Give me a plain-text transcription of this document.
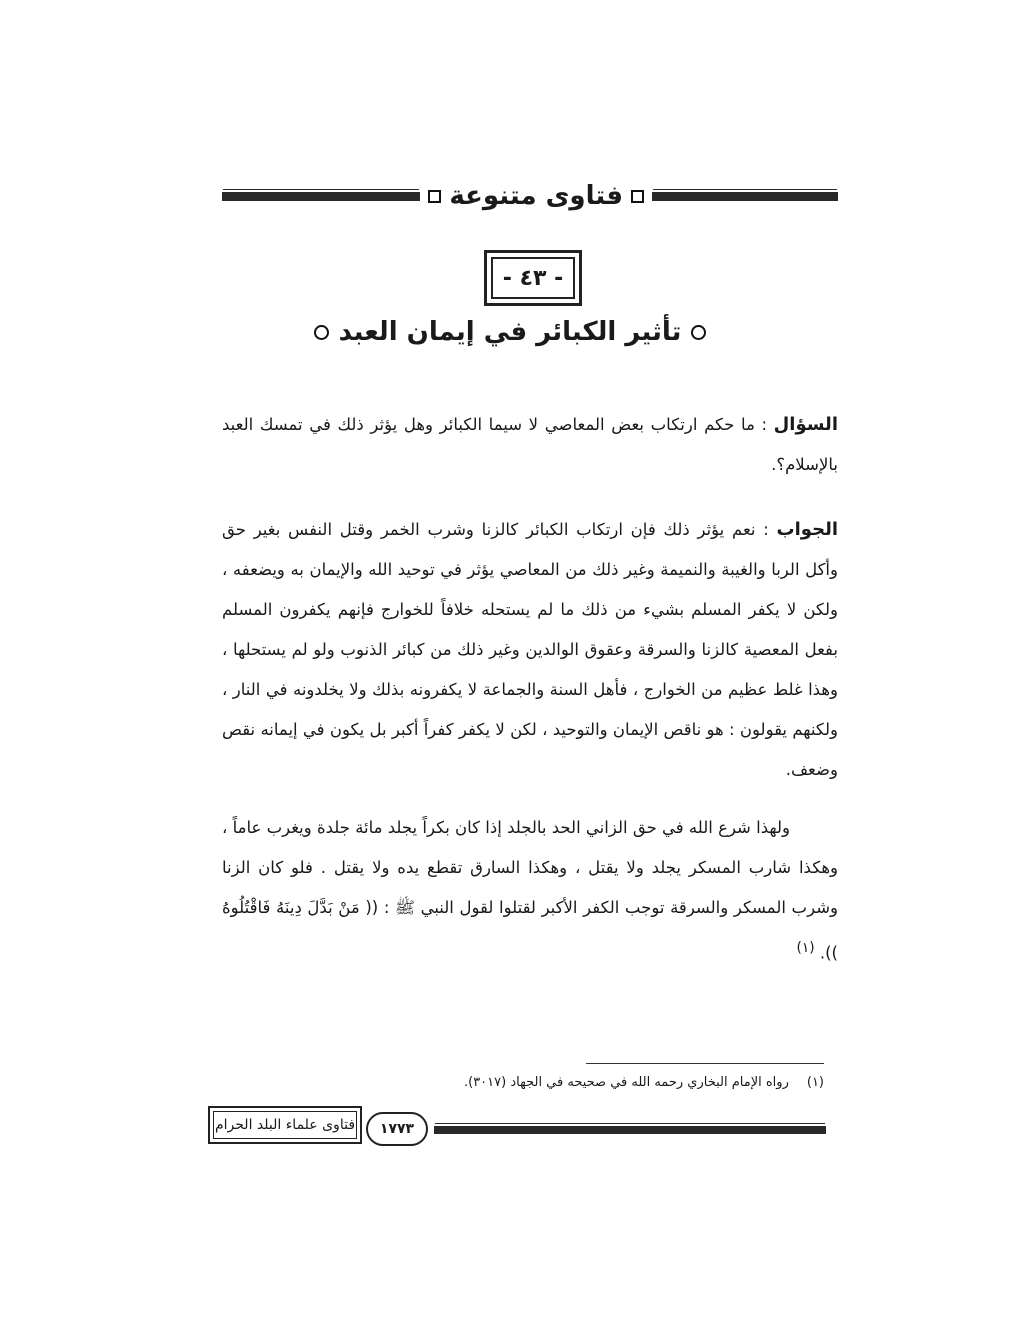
فتاوى متنوعة
- ٤٣ -
تأثير الكبائر في إيمان العبد
السؤال : ما حكم ارتكاب بعض المعاصي لا سيما الكبائر وهل يؤثر ذلك في تمسك العبد بالإسلام؟.
الجواب : نعم يؤثر ذلك فإن ارتكاب الكبائر كالزنا وشرب الخمر وقتل النفس بغير حق وأكل الربا والغيبة والنميمة وغير ذلك من المعاصي يؤثر في توحيد الله والإيمان به ويضعفه ، ولكن لا يكفر المسلم بشيء من ذلك ما لم يستحله خلافاً للخوارج فإنهم يكفرون المسلم بفعل المعصية كالزنا والسرقة وعقوق الوالدين وغير ذلك من كبائر الذنوب ولو لم يستحلها ، وهذا غلط عظيم من الخوارج ، فأهل السنة والجماعة لا يكفرونه بذلك ولا يخلدونه في النار ، ولكنهم يقولون : هو ناقص الإيمان والتوحيد ، لكن لا يكفر كفراً أكبر بل يكون في إيمانه نقص وضعف.
ولهذا شرع الله في حق الزاني الحد بالجلد إذا كان بكراً يجلد مائة جلدة ويغرب عاماً ، وهكذا شارب المسكر يجلد ولا يقتل ، وهكذا السارق تقطع يده ولا يقتل . فلو كان الزنا وشرب المسكر والسرقة توجب الكفر الأكبر لقتلوا لقول النبي ﷺ : (( مَنْ بَدَّلَ دِينَهُ فَاقْتُلُوهُ )). $^{(١)}$
(١)رواه الإمام البخاري رحمه الله في صحيحه في الجهاد (٣٠١٧).
١٧٧٣
فتاوى علماء البلد الحرام
